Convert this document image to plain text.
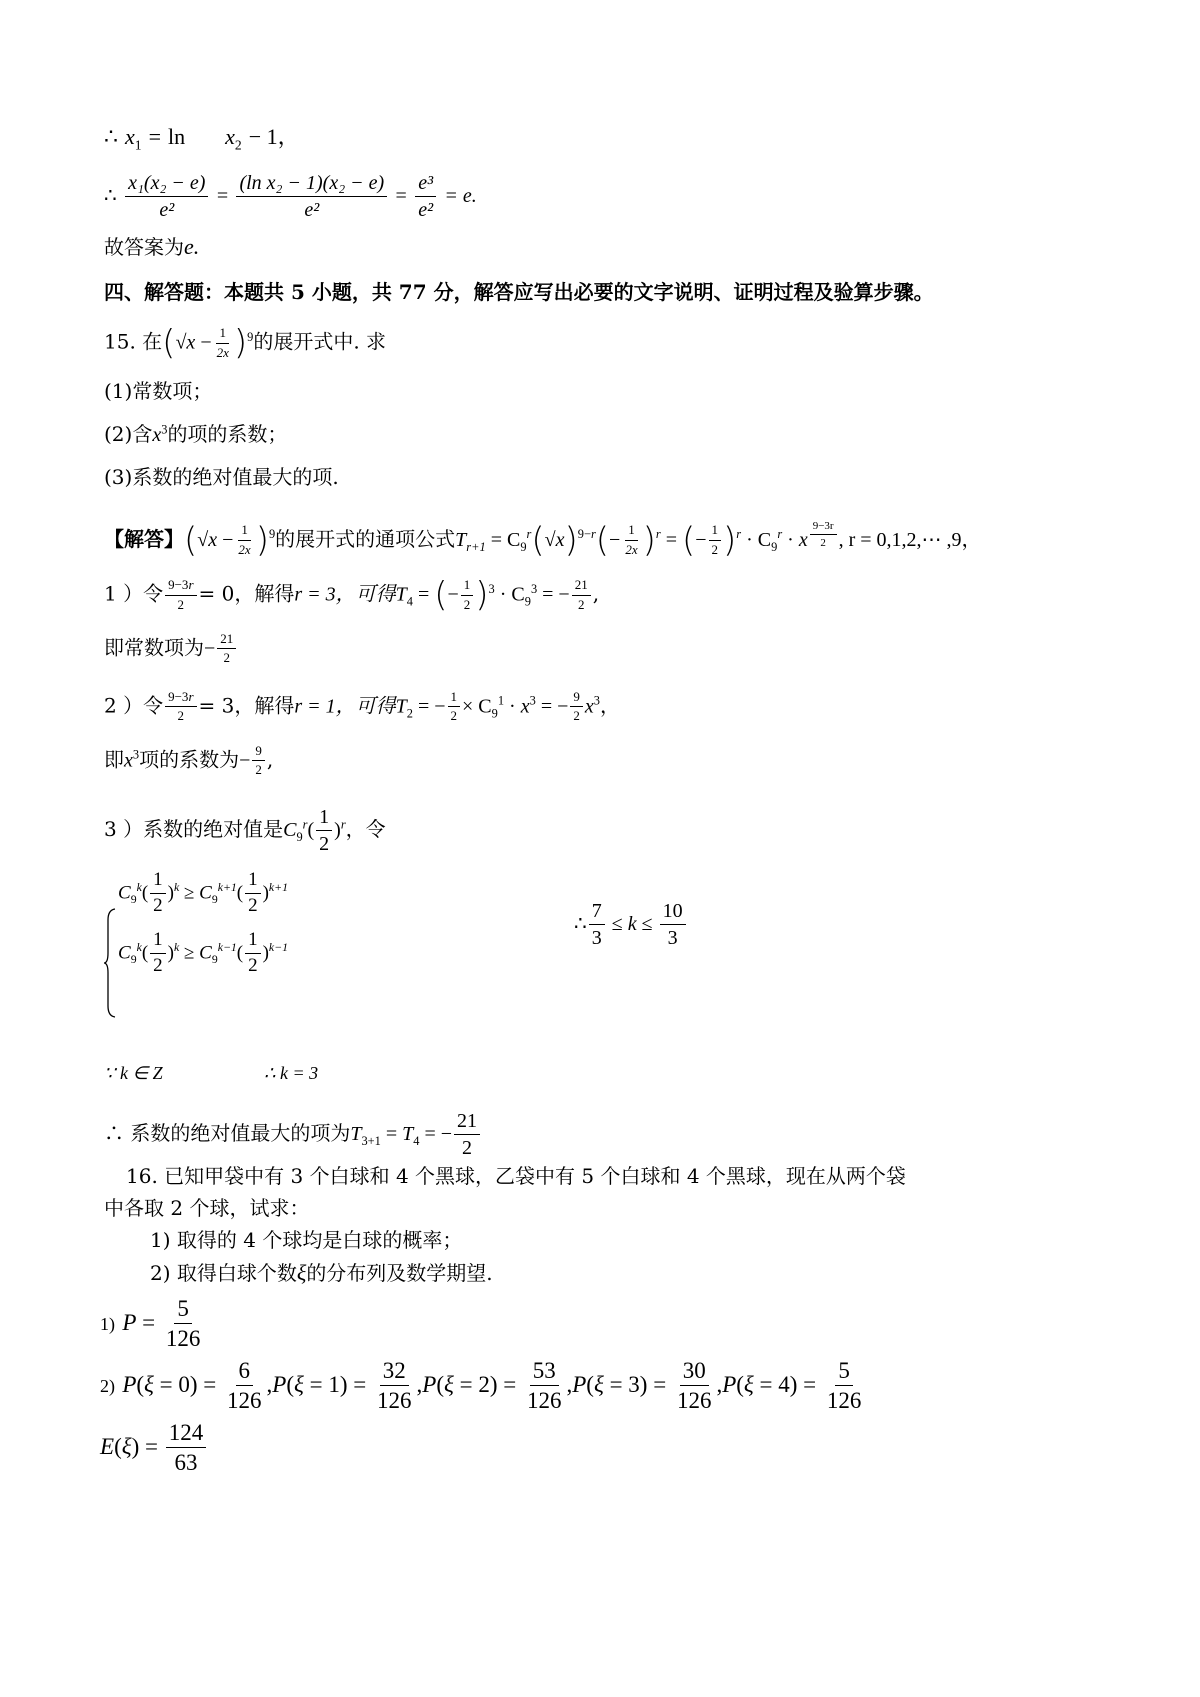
∴ $x_1 = \ln x_2 - 1$，
∴ $\frac{\text{x₁(x₂ − e)}}{\text{e²}} = \frac{\text{(ln x₂ − 1)(x₂ − e)}}{\text{e²}} = \frac{\text{e³}}{\text{e²}} = e$.
故答案为e.
四、解答题：本题共 5 小题，共 77 分，解答应写出必要的文字说明、证明过程及验算步骤。
15. 在$(√x - \frac{1}{2x} )^9$的展开式中. 求
(1)常数项；
(2)含$x^3$的项的系数；
(3)系数的绝对值最大的项.
【解答】$(√x - \frac{1}{2x} )^9$的展开式的通项公式$T_{r+1} = C_9^r(√x)^{9-r}(- \frac{1}{2x} )^r$ = (− $\frac{1}{2} )^r \cdot C_9^r \cdot x$ $^{\frac{9-3r}{2}}$ , r = 0,1,2,⋯ ,9，
1 ）令 $\frac{9-3r}{2} = 0$，解得r = 3，可得$T_4$ = (− $\frac{1}{2} )^3 \cdot C_9^3$ = − $\frac{21}{2}$ ,
即常数项为− $\frac{21}{2}$
2 ）令 $\frac{9-3r}{2} = 3$，解得r = 1，可得$T_2$ = − $\frac{1}{2} \times C_9^1 \cdot x^3$ = − $\frac{9}{2} x^3$，
即$x^3$项的系数为− $\frac{9}{2}$ ,
3 ）系数的绝对值是$C_9^r( \frac{1}{2} )^r$，令
$C_9^k( \frac{1}{2} )^k \ge C_9^{k+1}( \frac{1}{2} )^{k+1}$
$C_9^k( \frac{1}{2} )^k \ge C_9^{k-1}( \frac{1}{2} )^{k-1}$
∴ $\frac{7}{3} \le k \le \frac{10}{3}$
∵ k ∈ Z	∴ k = 3
∴ 系数的绝对值最大的项为$T_{3+1} = T_4$ = − $\frac{21}{2}$
16. 已知甲袋中有 3 个白球和 4 个黑球，乙袋中有 5 个白球和 4 个黑球，现在从两个袋
中各取 2 个球，试求：
1) 取得的 4 个球均是白球的概率；
2) 取得白球个数ξ的分布列及数学期望.
1) $P = \frac{5}{126}$
2) $P(\xi = 0) = \frac{6}{126} ,P(\xi = 1) = \frac{32}{126} ,P(\xi = 2) = \frac{53}{126} ,P(\xi = 3) = \frac{30}{126} ,P(\xi = 4) = \frac{5}{126}$
$E(\xi) = \frac{124}{63}$
